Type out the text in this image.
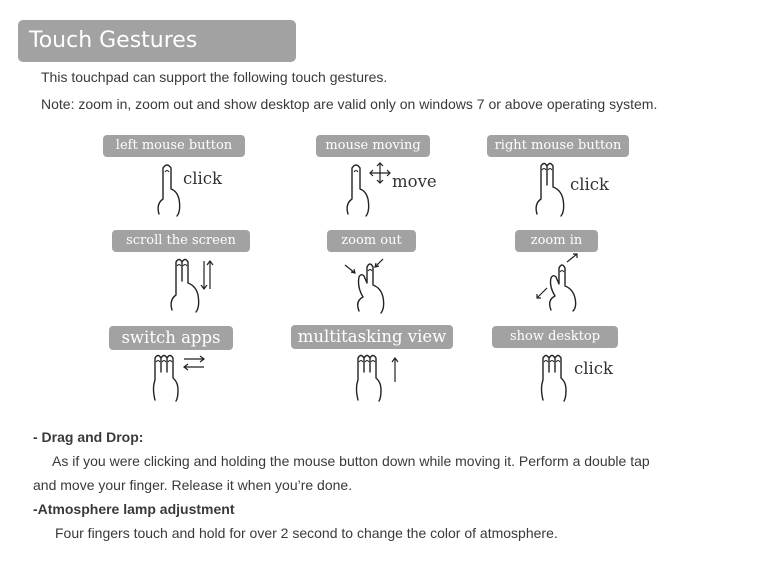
Touch Gestures
This touchpad can support the following touch gestures.
Note: zoom in, zoom out and show desktop are valid only on windows 7 or above operating system.
left mouse button
click
mouse moving
move
right mouse button
click
scroll the screen	zoom out	zoom in
switch apps	multitasking view	show desktop
click
- Drag and Drop:
As if you were clicking and holding the mouse button down while moving it. Perform a double tap
and move your finger. Release it when you’re done.
-Atmosphere lamp adjustment
Four fingers touch and hold for over 2 second to change the color of atmosphere.
